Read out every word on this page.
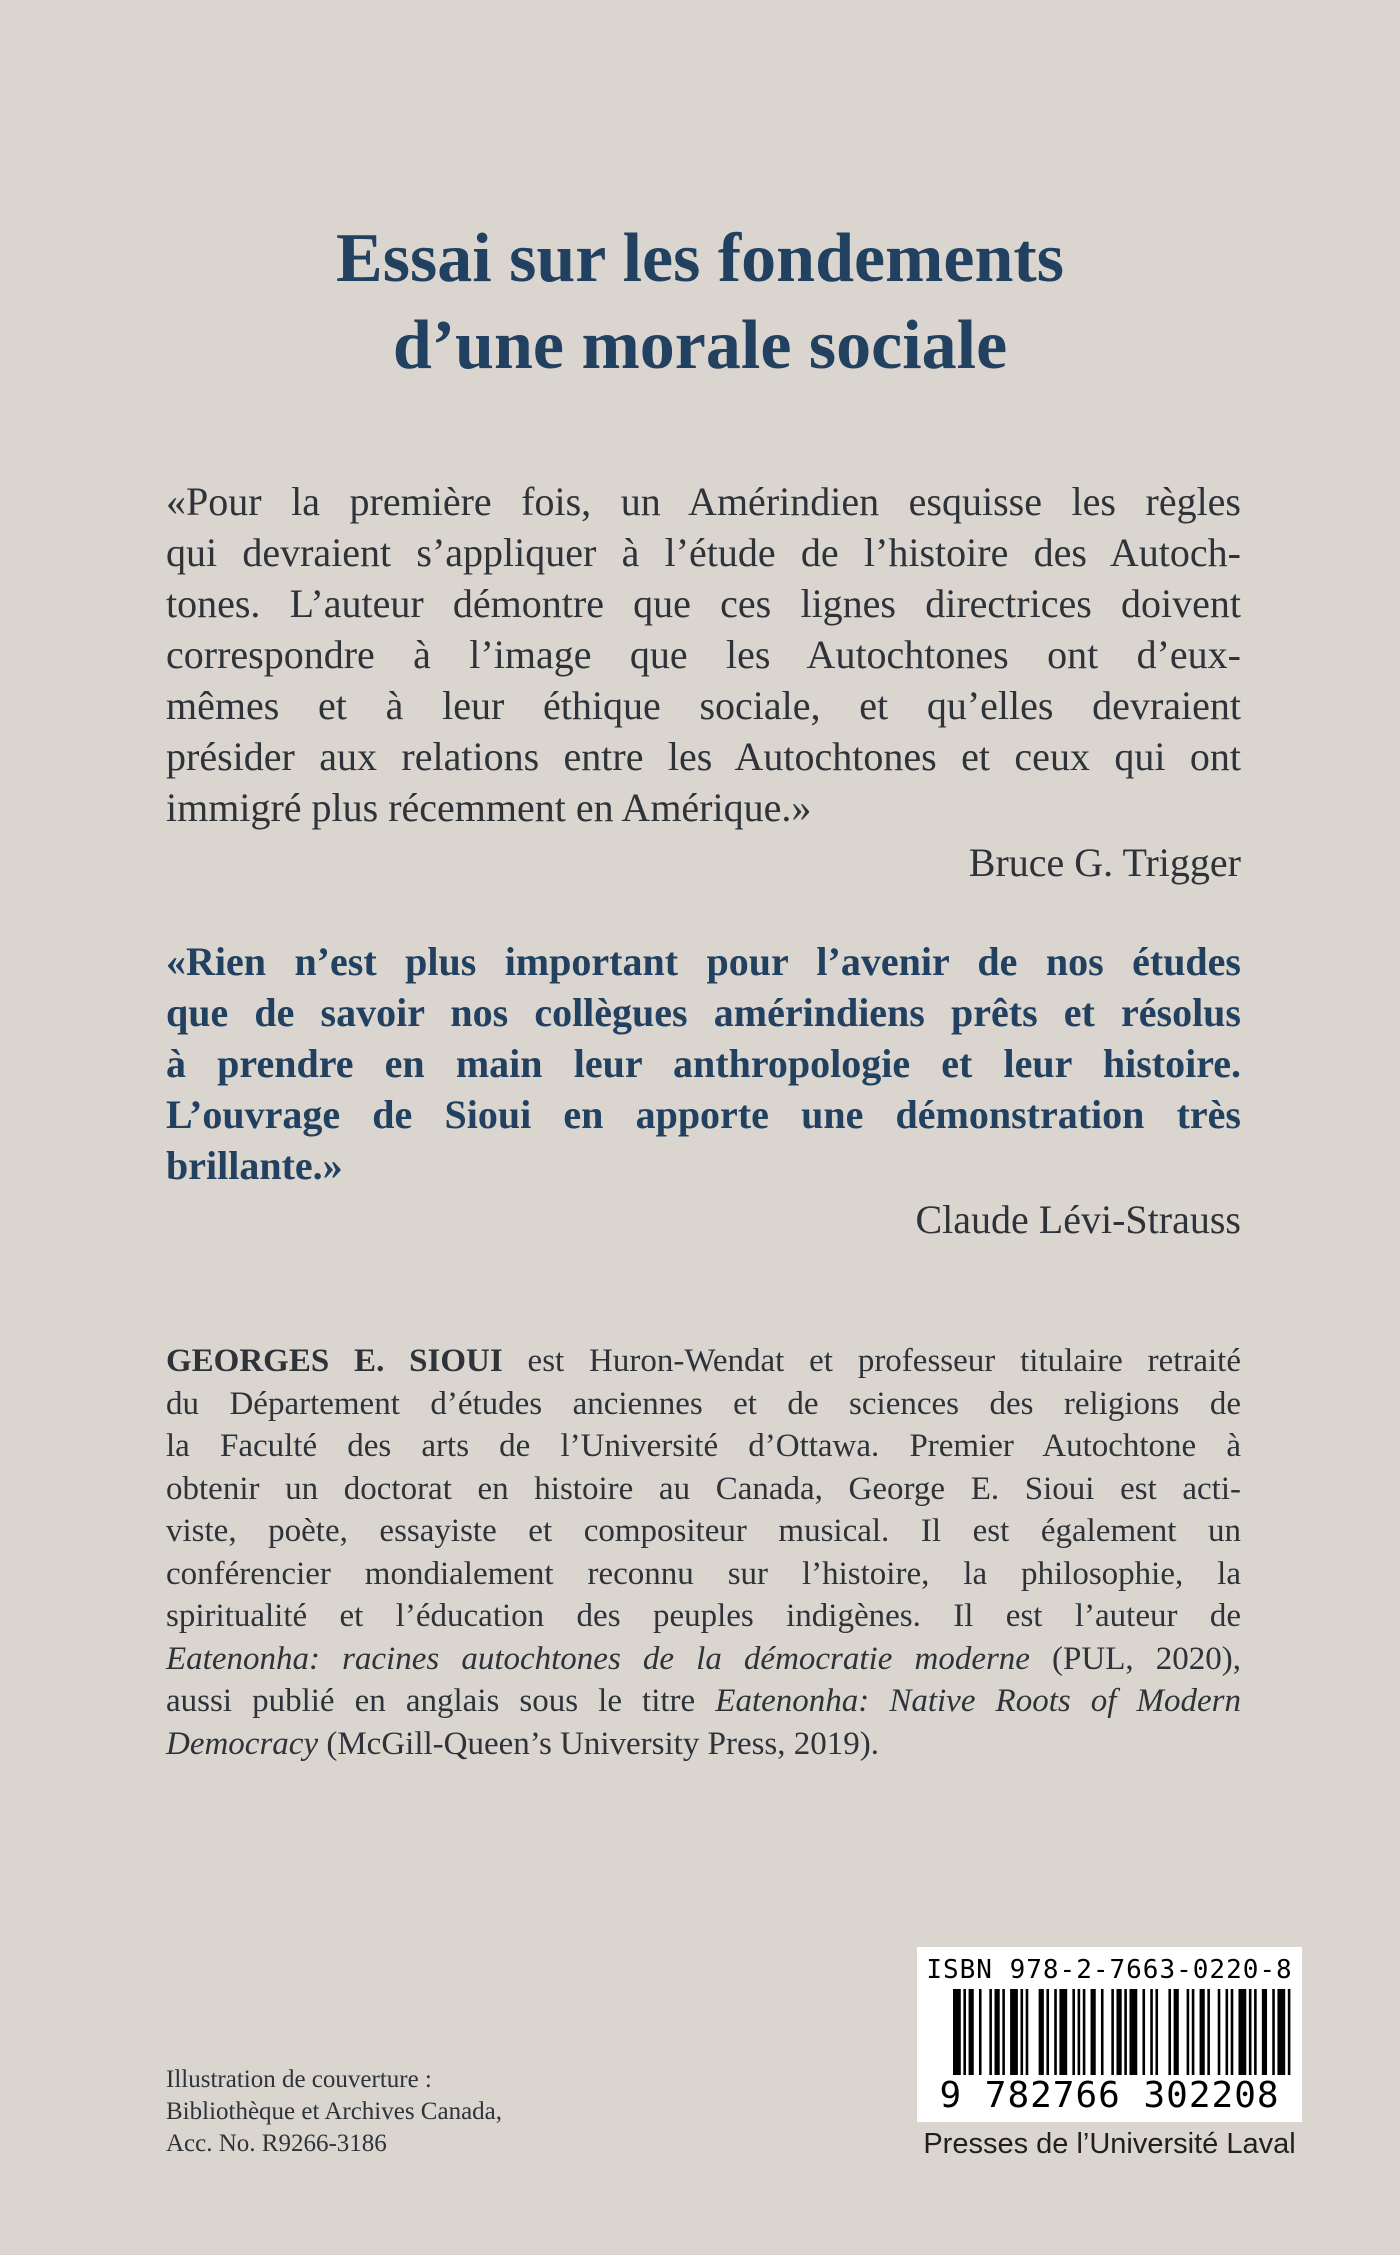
Essai sur les fondements
d’une morale sociale

«Pour la première fois, un Amérindien esquisse les règles
qui devraient s’appliquer à l’étude de l’histoire des Autoch-
tones. L’auteur démontre que ces lignes directrices doivent
correspondre à l’image que les Autochtones ont d’eux-
mêmes et à leur éthique sociale, et qu’elles devraient
présider aux relations entre les Autochtones et ceux qui ont
immigré plus récemment en Amérique.»

Bruce G. Trigger

«Rien n’est plus important pour l’avenir de nos études
que de savoir nos collègues amérindiens prêts et résolus
à prendre en main leur anthropologie et leur histoire.
L’ouvrage de Sioui en apporte une démonstration très
brillante.»

Claude Lévi-Strauss

GEORGES E. SIOUI est Huron-Wendat et professeur titulaire retraité
du Département d’études anciennes et de sciences des religions de
la Faculté des arts de l’Université d’Ottawa. Premier Autochtone à
obtenir un doctorat en histoire au Canada, George E. Sioui est acti-
viste, poète, essayiste et compositeur musical. Il est également un
conférencier mondialement reconnu sur l’histoire, la philosophie, la
spiritualité et l’éducation des peuples indigènes. Il est l’auteur de
Eatenonha: racines autochtones de la démocratie moderne (PUL, 2020),
aussi publié en anglais sous le titre Eatenonha: Native Roots of Modern
Democracy (McGill-Queen’s University Press, 2019).
Illustration de couverture :
Bibliothèque et Archives Canada,
Acc. No. R9266-3186
ISBN 978-2-7663-0220-8
9 782766 302208
Presses de l’Université Laval
